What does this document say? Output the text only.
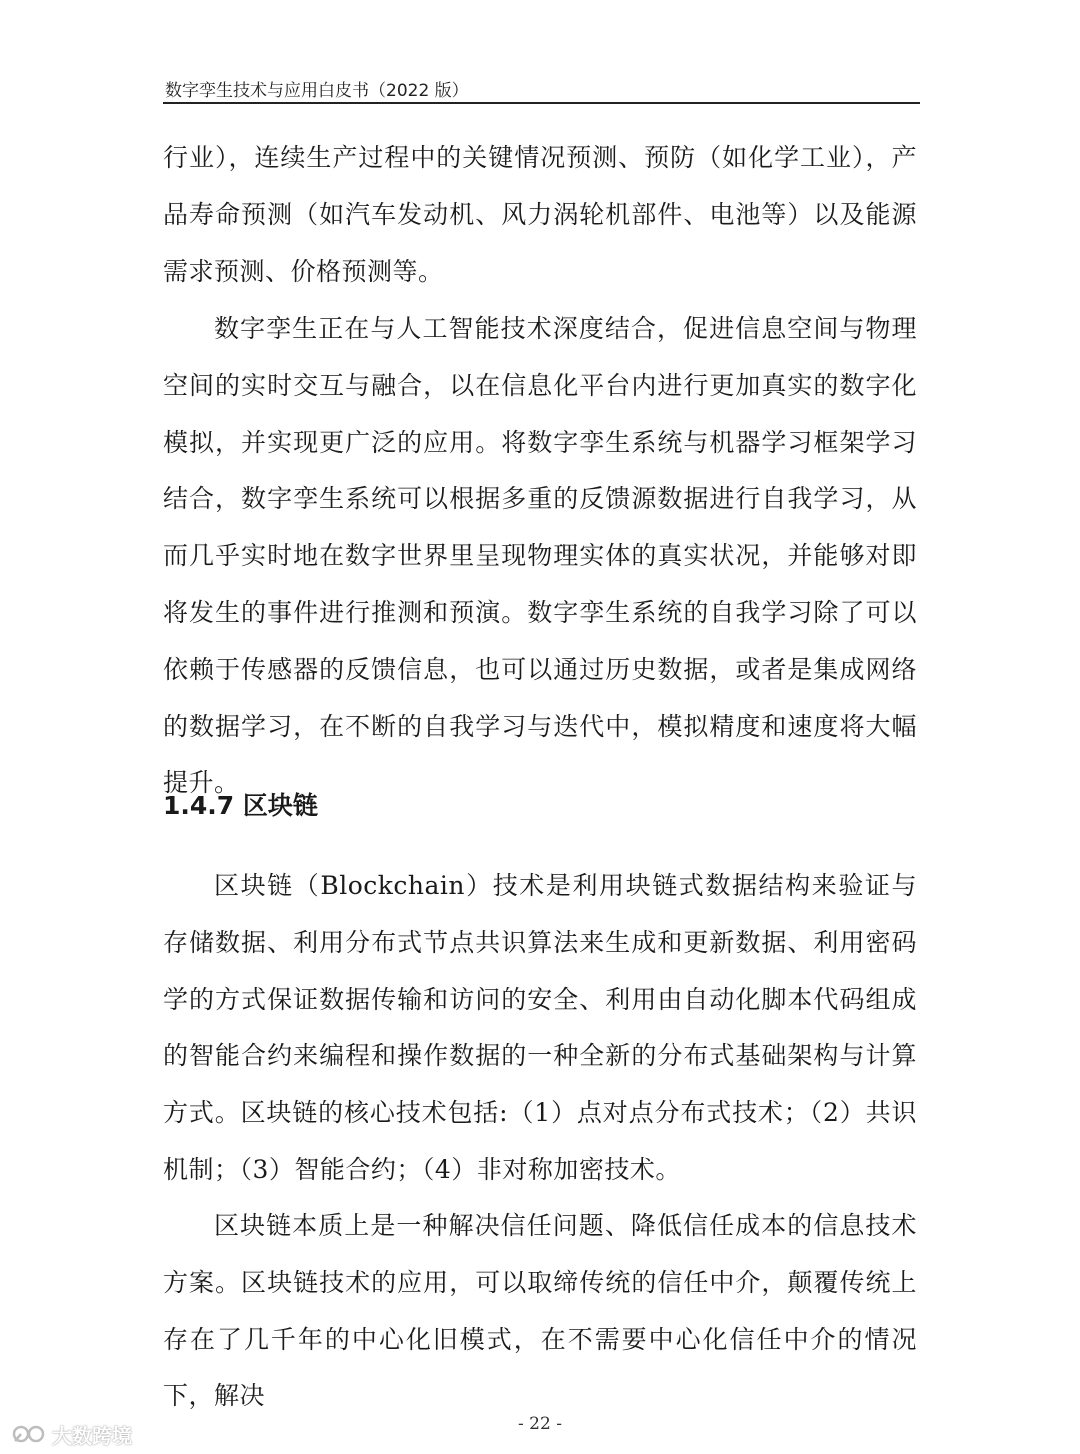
数字孪生技术与应用白皮书（2022 版）

行业），连续生产过程中的关键情况预测、预防（如化学工业），产品寿命预测（如汽车发动机、风力涡轮机部件、电池等）以及能源需求预测、价格预测等。

数字孪生正在与人工智能技术深度结合，促进信息空间与物理空间的实时交互与融合，以在信息化平台内进行更加真实的数字化模拟，并实现更广泛的应用。将数字孪生系统与机器学习框架学习结合，数字孪生系统可以根据多重的反馈源数据进行自我学习，从而几乎实时地在数字世界里呈现物理实体的真实状况，并能够对即将发生的事件进行推测和预演。数字孪生系统的自我学习除了可以依赖于传感器的反馈信息，也可以通过历史数据，或者是集成网络的数据学习，在不断的自我学习与迭代中，模拟精度和速度将大幅提升。

1.4.7 区块链

区块链（Blockchain）技术是利用块链式数据结构来验证与存储数据、利用分布式节点共识算法来生成和更新数据、利用密码学的方式保证数据传输和访问的安全、利用由自动化脚本代码组成的智能合约来编程和操作数据的一种全新的分布式基础架构与计算方式。区块链的核心技术包括:（1）点对点分布式技术；（2）共识机制；（3）智能合约；（4）非对称加密技术。

区块链本质上是一种解决信任问题、降低信任成本的信息技术方案。区块链技术的应用，可以取缔传统的信任中介，颠覆传统上存在了几千年的中心化旧模式，在不需要中心化信任中介的情况下，解决

- 22 -
大数跨境
